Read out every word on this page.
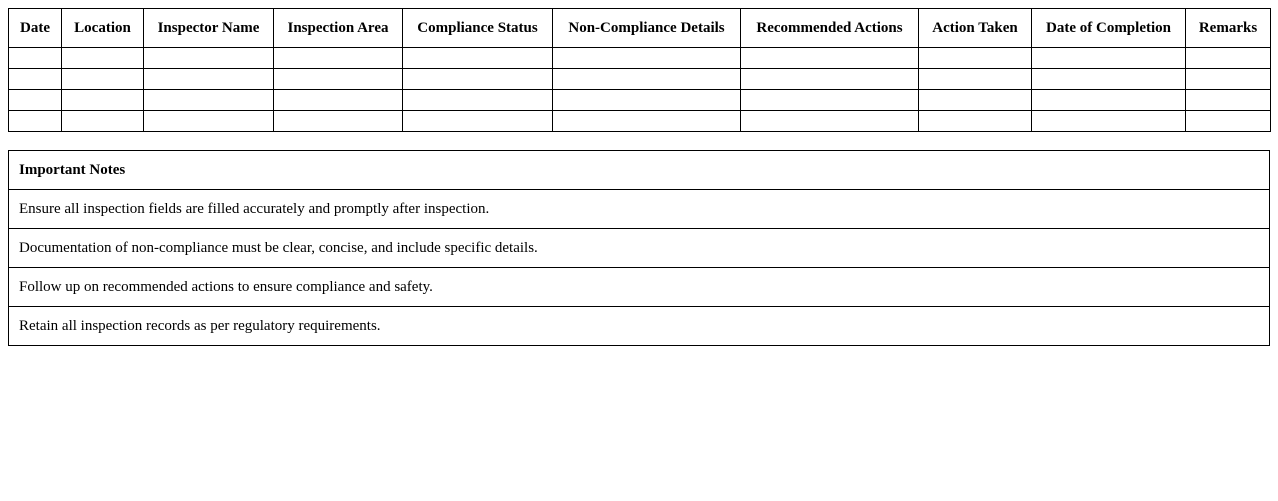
Date	Location	Inspector Name	Inspection Area	Compliance Status	Non-Compliance Details	Recommended Actions	Action Taken	Date of Completion	Remarks

Important Notes
Ensure all inspection fields are filled accurately and promptly after inspection.
Documentation of non-compliance must be clear, concise, and include specific details.
Follow up on recommended actions to ensure compliance and safety.
Retain all inspection records as per regulatory requirements.
